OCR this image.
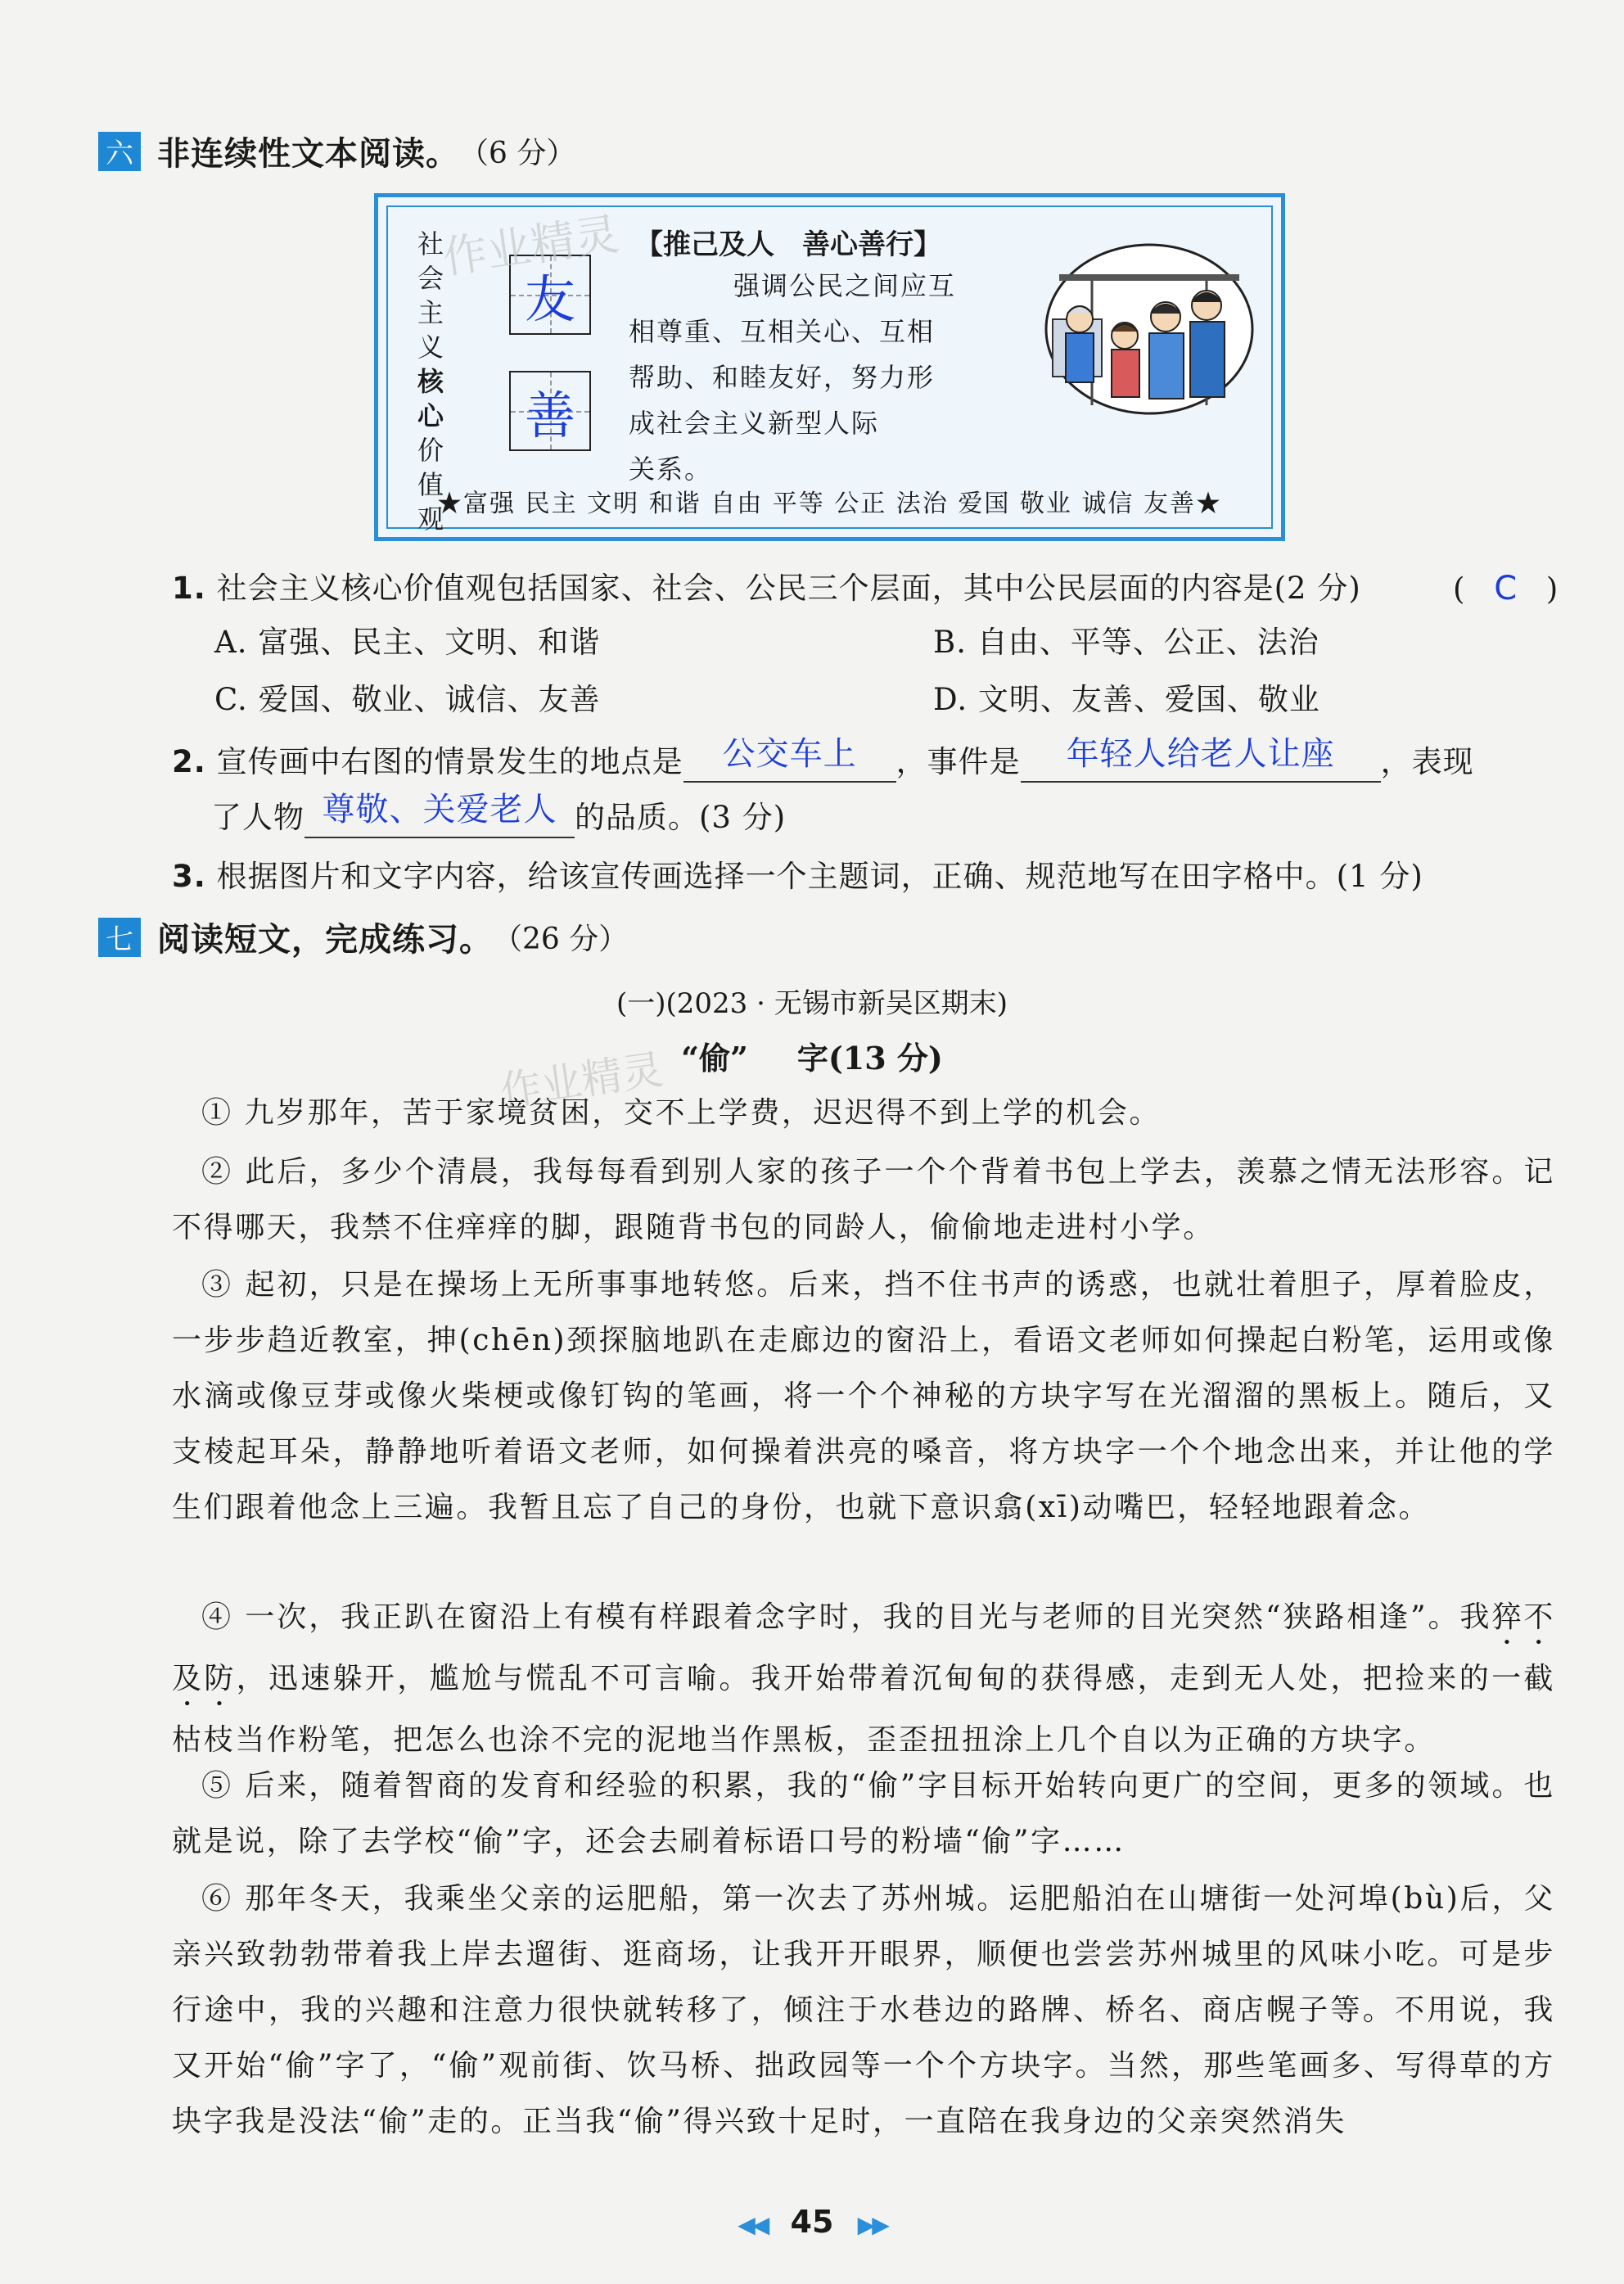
六 非连续性文本阅读。 （6 分）
社会主义
核心
价值观
友
善
【推己及人　善心善行】
强调公民之间应互
相尊重、互相关心、互相
帮助、和睦友好，努力形
成社会主义新型人际
关系。
★富强 民主 文明 和谐 自由 平等 公正 法治 爱国 敬业 诚信 友善★
作业精灵
1. 社会主义核心价值观包括国家、社会、公民三个层面，其中公民层面的内容是(2 分)	( C )
A. 富强、民主、文明、和谐	B. 自由、平等、公正、法治
C. 爱国、敬业、诚信、友善	D. 文明、友善、爱国、敬业
2. 宣传画中右图的情景发生的地点是 公交车上 ，事件是 年轻人给老人让座 ，表现
了人物 尊敬、关爱老人 的品质。(3 分)
3. 根据图片和文字内容，给该宣传画选择一个主题词，正确、规范地写在田字格中。(1 分)
七 阅读短文，完成练习。 （26 分）
(一)(2023 · 无锡市新吴区期末)
“偷” 字(13 分)
作业精灵
① 九岁那年，苦于家境贫困，交不上学费，迟迟得不到上学的机会。
② 此后，多少个清晨，我每每看到别人家的孩子一个个背着书包上学去，羡慕之情无法形容。记不得哪天，我禁不住痒痒的脚，跟随背书包的同龄人，偷偷地走进村小学。
③ 起初，只是在操场上无所事事地转悠。后来，挡不住书声的诱惑，也就壮着胆子，厚着脸皮，一步步趋近教室，抻(chēn)颈探脑地趴在走廊边的窗沿上，看语文老师如何操起白粉笔，运用或像水滴或像豆芽或像火柴梗或像钉钩的笔画，将一个个神秘的方块字写在光溜溜的黑板上。随后，又支棱起耳朵，静静地听着语文老师，如何操着洪亮的嗓音，将方块字一个个地念出来，并让他的学生们跟着他念上三遍。我暂且忘了自己的身份，也就下意识翕(xī)动嘴巴，轻轻地跟着念。
④ 一次，我正趴在窗沿上有模有样跟着念字时，我的目光与老师的目光突然“狭路相逢”。我猝不及防，迅速躲开，尴尬与慌乱不可言喻。我开始带着沉甸甸的获得感，走到无人处，把捡来的一截枯枝当作粉笔，把怎么也涂不完的泥地当作黑板，歪歪扭扭涂上几个自以为正确的方块字。
⑤ 后来，随着智商的发育和经验的积累，我的“偷”字目标开始转向更广的空间，更多的领域。也就是说，除了去学校“偷”字，还会去刷着标语口号的粉墙“偷”字……
⑥ 那年冬天，我乘坐父亲的运肥船，第一次去了苏州城。运肥船泊在山塘街一处河埠(bù)后，父亲兴致勃勃带着我上岸去遛街、逛商场，让我开开眼界，顺便也尝尝苏州城里的风味小吃。可是步行途中，我的兴趣和注意力很快就转移了，倾注于水巷边的路牌、桥名、商店幌子等。不用说，我又开始“偷”字了，“偷”观前街、饮马桥、拙政园等一个个方块字。当然，那些笔画多、写得草的方块字我是没法“偷”走的。正当我“偷”得兴致十足时，一直陪在我身边的父亲突然消失
◀◀ 45 ▶▶
